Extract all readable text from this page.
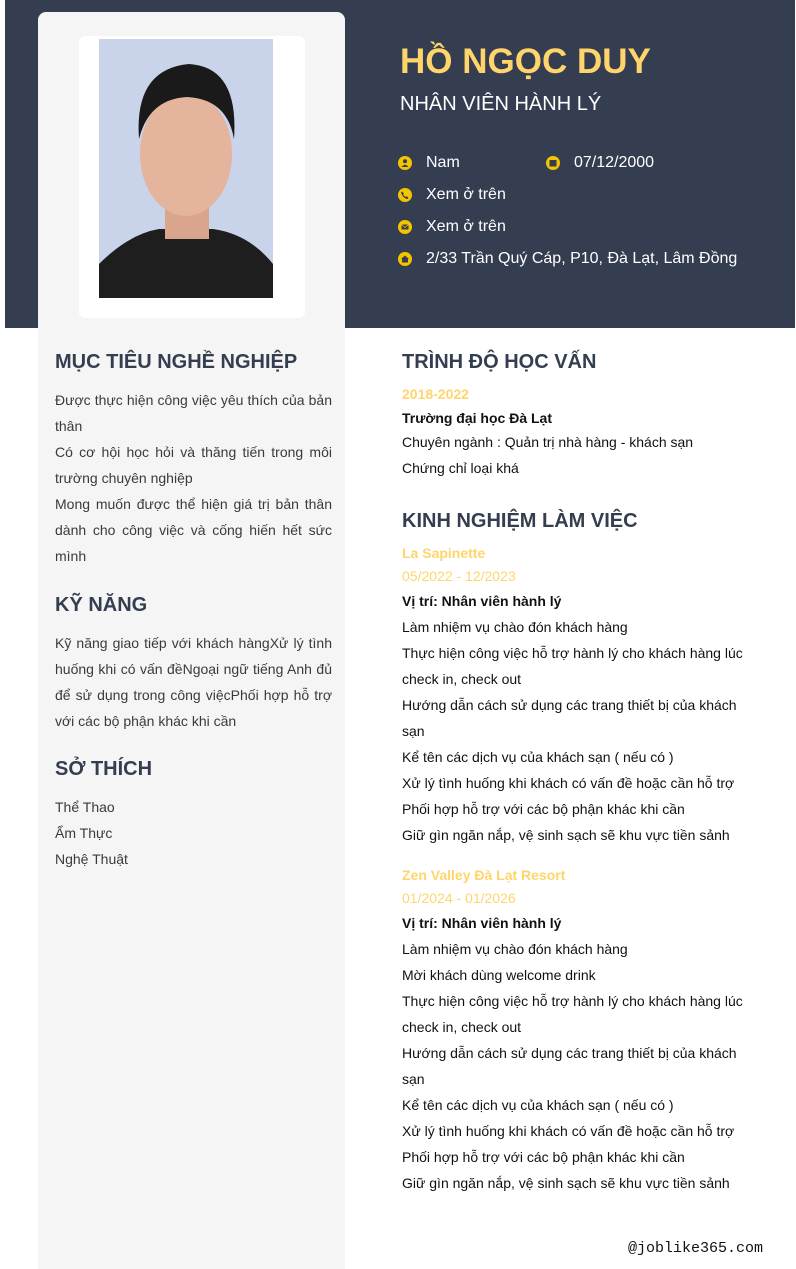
HỒ NGỌC DUY
NHÂN VIÊN HÀNH LÝ
Nam	07/12/2000
Xem ở trên
Xem ở trên
2/33 Trần Quý Cáp, P10, Đà Lạt, Lâm Đồng
MỤC TIÊU NGHỀ NGHIỆP
Được thực hiện công việc yêu thích của bản thân
Có cơ hội học hỏi và thăng tiến trong môi trường chuyên nghiệp
Mong muốn được thể hiện giá trị bản thân dành cho công việc và cống hiến hết sức mình
KỸ NĂNG
Kỹ năng giao tiếp với khách hàngXử lý tình huống khi có vấn đềNgoại ngữ tiếng Anh đủ để sử dụng trong công việcPhối hợp hỗ trợ với các bộ phận khác khi cần
SỞ THÍCH
Thể Thao
Ẩm Thực
Nghệ Thuật
TRÌNH ĐỘ HỌC VẤN
2018-2022
Trường đại học Đà Lạt
Chuyên ngành : Quản trị nhà hàng - khách sạn
Chứng chỉ loại khá
KINH NGHIỆM LÀM VIỆC
La Sapinette
05/2022 - 12/2023
Vị trí: Nhân viên hành lý
Làm nhiệm vụ chào đón khách hàng
Thực hiện công việc hỗ trợ hành lý cho khách hàng lúc check in, check out
Hướng dẫn cách sử dụng các trang thiết bị của khách sạn
Kể tên các dịch vụ của khách sạn ( nếu có )
Xử lý tình huống khi khách có vấn đề hoặc cần hỗ trợ
Phối hợp hỗ trợ với các bộ phận khác khi cần
Giữ gìn ngăn nắp, vệ sinh sạch sẽ khu vực tiền sảnh
Zen Valley Đà Lạt Resort
01/2024 - 01/2026
Vị trí: Nhân viên hành lý
Làm nhiệm vụ chào đón khách hàng
Mời khách dùng welcome drink
Thực hiện công việc hỗ trợ hành lý cho khách hàng lúc check in, check out
Hướng dẫn cách sử dụng các trang thiết bị của khách sạn
Kể tên các dịch vụ của khách sạn ( nếu có )
Xử lý tình huống khi khách có vấn đề hoặc cần hỗ trợ
Phối hợp hỗ trợ với các bộ phận khác khi cần
Giữ gìn ngăn nắp, vệ sinh sạch sẽ khu vực tiền sảnh
@joblike365.com
